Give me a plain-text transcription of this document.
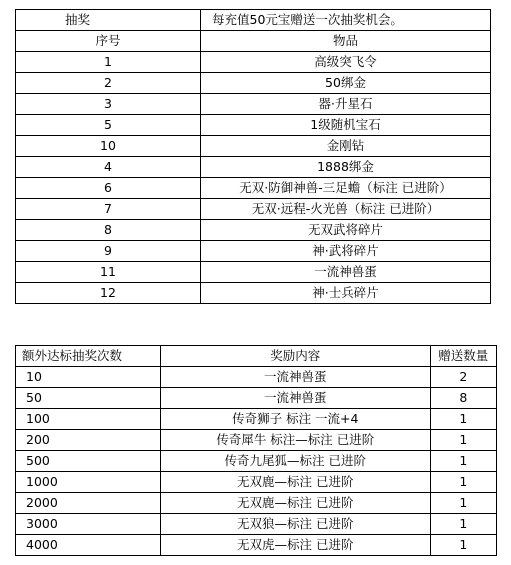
抽奖	每充值50元宝赠送一次抽奖机会。
序号	物品
1	高级突飞令
2	50绑金
3	器·升星石
5	1级随机宝石
10	金刚钻
4	1888绑金
6	无双·防御神兽-三足蟾（标注 已进阶）
7	无双·远程-火光兽（标注 已进阶）
8	无双武将碎片
9	神·武将碎片
11	一流神兽蛋
12	神·士兵碎片
额外达标抽奖次数	奖励内容	赠送数量
10	一流神兽蛋	2
50	一流神兽蛋	8
100	传奇狮子 标注 一流+4	1
200	传奇犀牛 标注—标注 已进阶	1
500	传奇九尾狐—标注 已进阶	1
1000	无双鹿—标注 已进阶	1
2000	无双鹿—标注 已进阶	1
3000	无双狼—标注 已进阶	1
4000	无双虎—标注 已进阶	1
